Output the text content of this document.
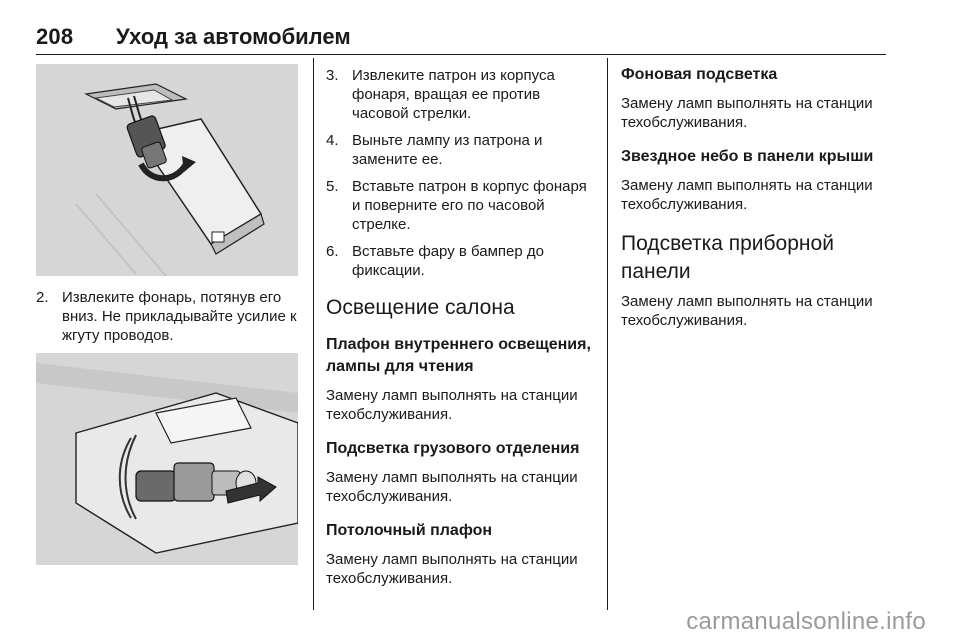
208 Уход за автомобилем
2. Извлеките фонарь, потянув его вниз. Не прикладывайте усилие к жгуту проводов.
3. Извлеките патрон из корпуса фонаря, вращая ее против часовой стрелки.
4. Выньте лампу из патрона и замените ее.
5. Вставьте патрон в корпус фонаря и поверните его по часовой стрелке.
6. Вставьте фару в бампер до фиксации.
Освещение салона
Плафон внутреннего освещения, лампы для чтения

Замену ламп выполнять на станции техобслуживания.

Подсветка грузового отделения

Замену ламп выполнять на станции техобслуживания.

Потолочный плафон

Замену ламп выполнять на станции техобслуживания.

Фоновая подсветка

Замену ламп выполнять на станции техобслуживания.

Звездное небо в панели крыши

Замену ламп выполнять на станции техобслуживания.

Подсветка приборной панели

Замену ламп выполнять на станции техобслуживания.

carmanualsonline.info
